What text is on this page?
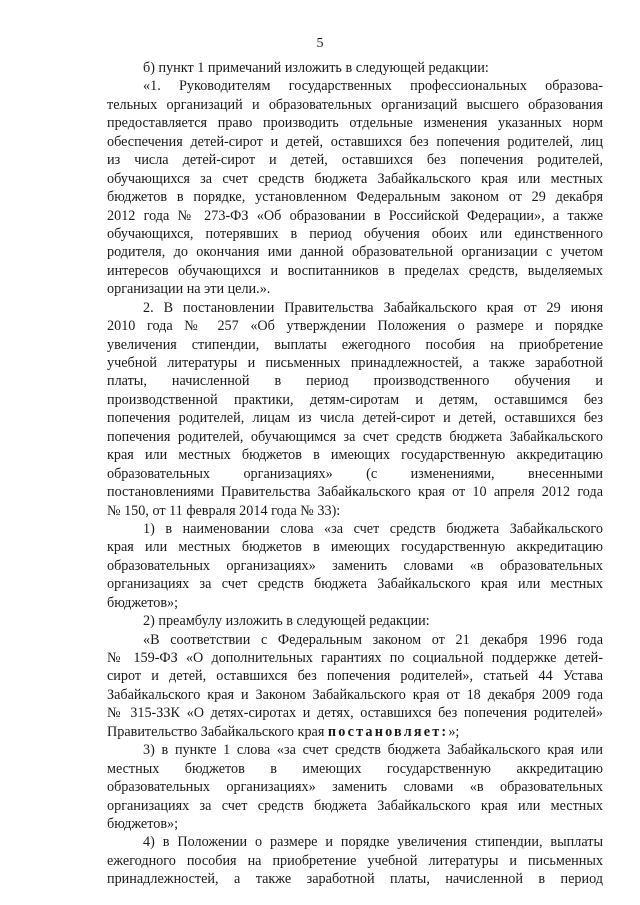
5
б) пункт 1 примечаний изложить в следующей редакции:
«1. Руководителям государственных профессиональных образова-
тельных организаций и образовательных организаций высшего образования
предоставляется право производить отдельные изменения указанных норм
обеспечения детей-сирот и детей, оставшихся без попечения родителей, лиц
из числа детей-сирот и детей, оставшихся без попечения родителей,
обучающихся за счет средств бюджета Забайкальского края или местных
бюджетов в порядке, установленном Федеральным законом от 29 декабря
2012 года № 273-ФЗ «Об образовании в Российской Федерации», а также
обучающихся, потерявших в период обучения обоих или единственного
родителя, до окончания ими данной образовательной организации с учетом
интересов обучающихся и воспитанников в пределах средств, выделяемых
организации на эти цели.».
2. В постановлении Правительства Забайкальского края от 29 июня
2010 года № 257 «Об утверждении Положения о размере и порядке
увеличения стипендии, выплаты ежегодного пособия на приобретение
учебной литературы и письменных принадлежностей, а также заработной
платы, начисленной в период производственного обучения и
производственной практики, детям-сиротам и детям, оставшимся без
попечения родителей, лицам из числа детей-сирот и детей, оставшихся без
попечения родителей, обучающимся за счет средств бюджета Забайкальского
края или местных бюджетов в имеющих государственную аккредитацию
образовательных организациях» (с изменениями, внесенными
постановлениями Правительства Забайкальского края от 10 апреля 2012 года
№ 150, от 11 февраля 2014 года № 33):
1) в наименовании слова «за счет средств бюджета Забайкальского
края или местных бюджетов в имеющих государственную аккредитацию
образовательных организациях» заменить словами «в образовательных
организациях за счет средств бюджета Забайкальского края или местных
бюджетов»;
2) преамбулу изложить в следующей редакции:
«В соответствии с Федеральным законом от 21 декабря 1996 года
№ 159-ФЗ «О дополнительных гарантиях по социальной поддержке детей-
сирот и детей, оставшихся без попечения родителей», статьей 44 Устава
Забайкальского края и Законом Забайкальского края от 18 декабря 2009 года
№ 315-ЗЗК «О детях-сиротах и детях, оставшихся без попечения родителей»
Правительство Забайкальского края постановляет:»;
3) в пункте 1 слова «за счет средств бюджета Забайкальского края или
местных бюджетов в имеющих государственную аккредитацию
образовательных организациях» заменить словами «в образовательных
организациях за счет средств бюджета Забайкальского края или местных
бюджетов»;
4) в Положении о размере и порядке увеличения стипендии, выплаты
ежегодного пособия на приобретение учебной литературы и письменных
принадлежностей, а также заработной платы, начисленной в период
